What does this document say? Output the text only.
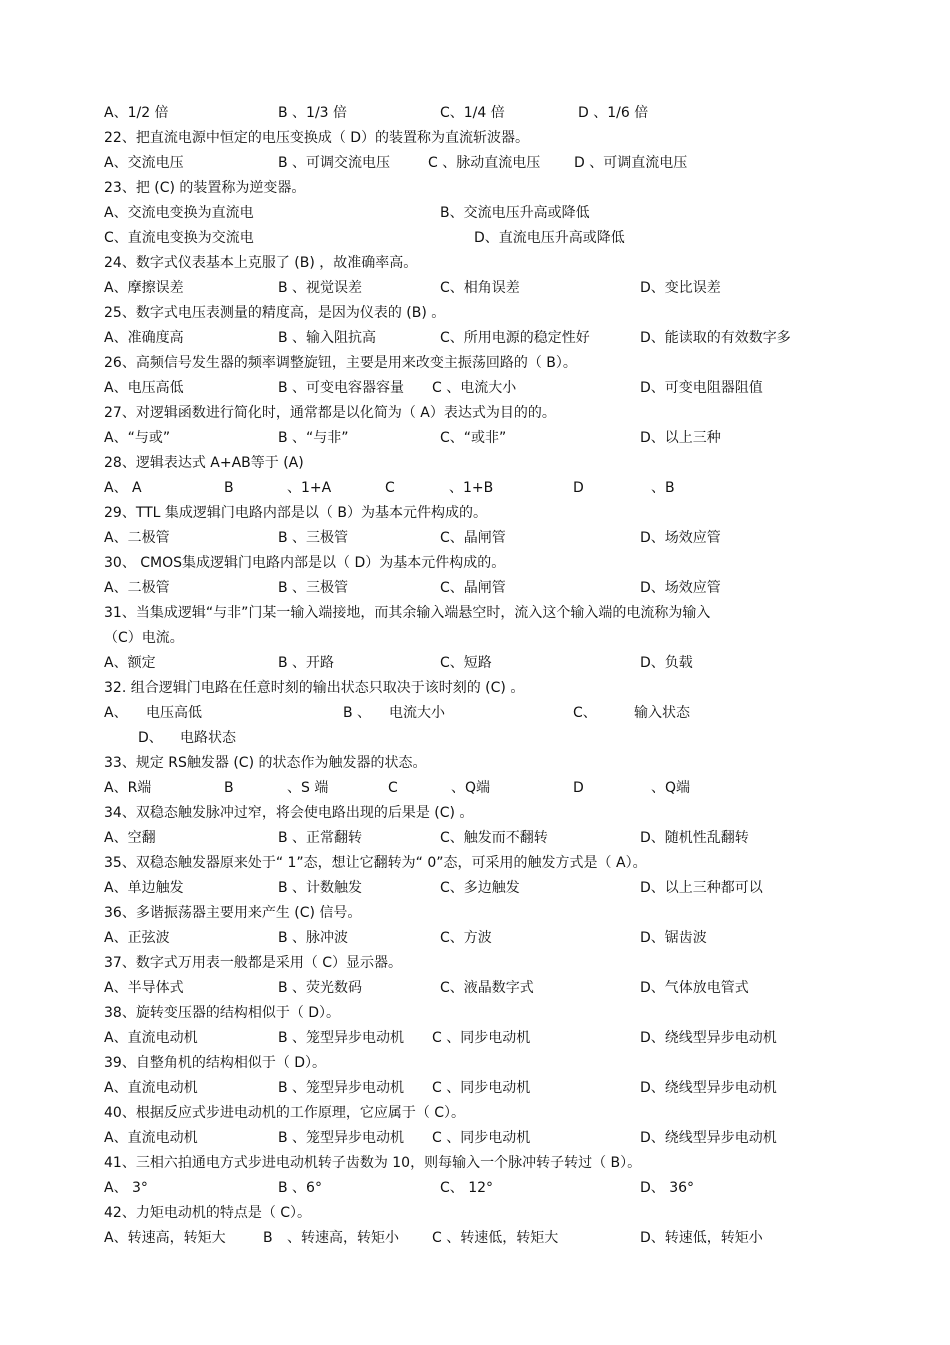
A、1/2 倍	B 、1/3 倍	C、1/4 倍	D 、1/6 倍
22、把直流电源中恒定的电压变换成（ D）的装置称为直流斩波器。
A、交流电压	B 、可调交流电压	C 、脉动直流电压 D 、可调直流电压
23、把 (C) 的装置称为逆变器。
A、交流电变换为直流电	B、交流电压升高或降低
C、直流电变换为交流电	D、直流电压升高或降低
24、数字式仪表基本上克服了 (B) ，故准确率高。
A、摩擦误差	B 、视觉误差	C、相角误差	D、变比误差
25、数字式电压表测量的精度高，是因为仪表的 (B) 。
A、准确度高	B 、输入阻抗高	C、所用电源的稳定性好	D、能读取的有效数字多
26、高频信号发生器的频率调整旋钮，主要是用来改变主振荡回路的（ B）。
A、电压高低	B 、可变电容器容量 C 、电流大小	D、可变电阻器阻值
27、对逻辑函数进行简化时，通常都是以化简为（ A）表达式为目的的。
A、“与或”	B 、“与非”	C、“或非”	D、以上三种
28、逻辑表达式 A+AB等于 (A)
A、 A	B	、1+A	C	、1+B	D	、B
29、TTL 集成逻辑门电路内部是以（ B）为基本元件构成的。
A、二极管	B 、三极管	C、晶闸管	D、场效应管
30、 CMOS集成逻辑门电路内部是以（ D）为基本元件构成的。
A、二极管	B 、三极管	C、晶闸管	D、场效应管
31、当集成逻辑“与非”门某一输入端接地，而其余输入端悬空时，流入这个输入端的电流称为输入
（C）电流。
A、额定	B 、开路	C、短路	D、负载
32. 组合逻辑门电路在任意时刻的输出状态只取决于该时刻的 (C) 。
A、 电压高低	B 、 电流大小	C、	输入状态
D、 电路状态
33、规定 RS触发器 (C) 的状态作为触发器的状态。
A、R端	B	、S 端	C	、Q端	D	、Q端
34、双稳态触发脉冲过窄，将会使电路出现的后果是 (C) 。
A、空翻	B 、正常翻转	C、触发而不翻转	D、随机性乱翻转
35、双稳态触发器原来处于“ 1”态，想让它翻转为“ 0”态，可采用的触发方式是（ A）。
A、单边触发	B 、计数触发	C、多边触发	D、以上三种都可以
36、多谐振荡器主要用来产生 (C) 信号。
A、正弦波	B 、脉冲波	C、方波	D、锯齿波
37、数字式万用表一般都是采用（ C）显示器。
A、半导体式	B 、荧光数码	C、液晶数字式	D、气体放电管式
38、旋转变压器的结构相似于（ D）。
A、直流电动机	B 、笼型异步电动机 C 、同步电动机	D、绕线型异步电动机
39、自整角机的结构相似于（ D）。
A、直流电动机	B 、笼型异步电动机 C 、同步电动机	D、绕线型异步电动机
40、根据反应式步进电动机的工作原理，它应属于（ C）。
A、直流电动机	B 、笼型异步电动机 C 、同步电动机	D、绕线型异步电动机
41、三相六拍通电方式步进电动机转子齿数为 10，则每输入一个脉冲转子转过（ B）。
A、 3°	B 、6°	C、 12°	D、 36°
42、力矩电动机的特点是（ C）。
A、转速高，转矩大	B 、转速高，转矩小 C 、转速低，转矩大	D、转速低，转矩小
